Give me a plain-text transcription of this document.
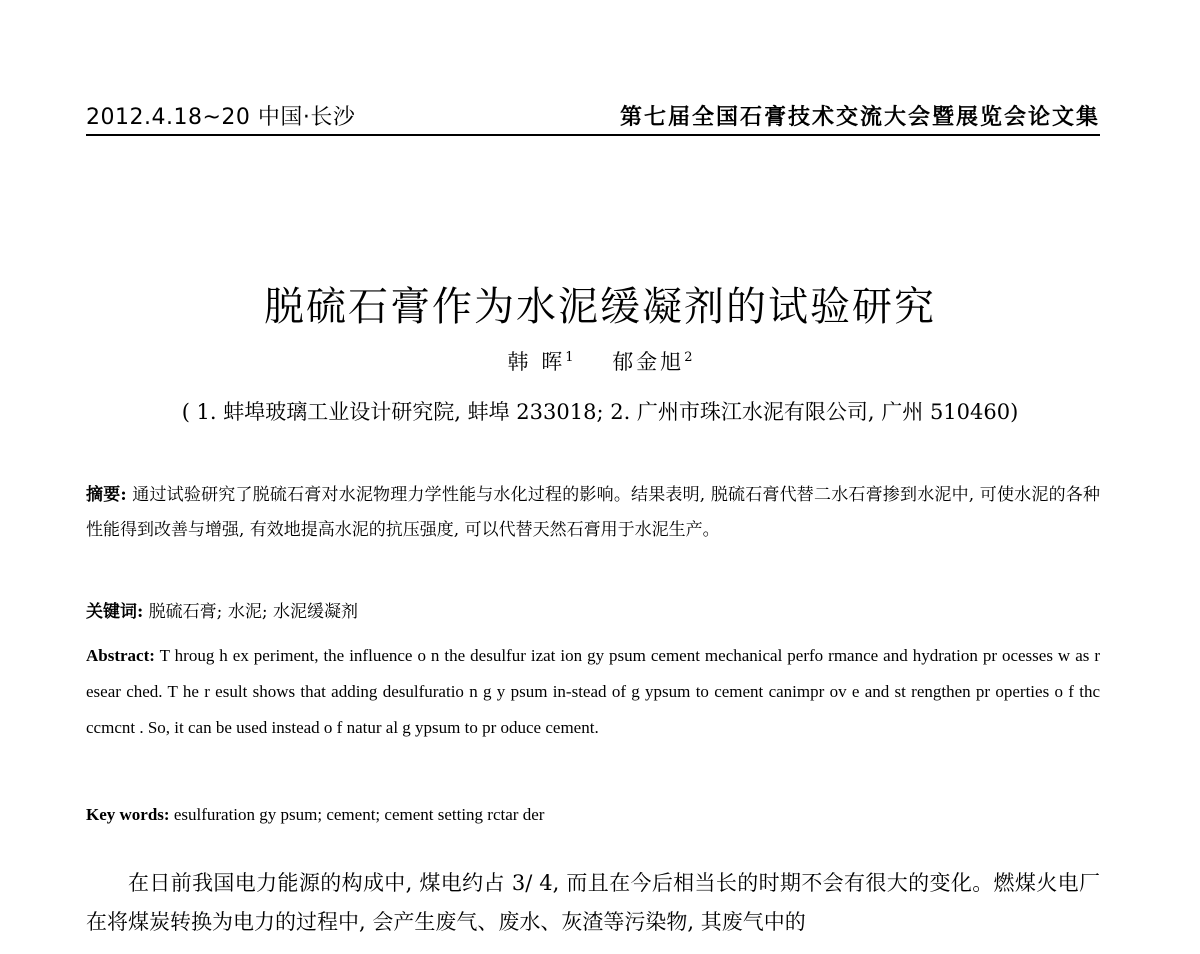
2012.4.18~20 中国·长沙	第七届全国石膏技术交流大会暨展览会论文集
脱硫石膏作为水泥缓凝剂的试验研究
韩 晖$^1$ 郁金旭$^2$
( 1. 蚌埠玻璃工业设计研究院, 蚌埠 233018; 2. 广州市珠江水泥有限公司, 广州 510460)
摘要: 通过试验研究了脱硫石膏对水泥物理力学性能与水化过程的影响。结果表明, 脱硫石膏代替二水石膏掺到水泥中, 可使水泥的各种性能得到改善与增强, 有效地提高水泥的抗压强度, 可以代替天然石膏用于水泥生产。
关键词: 脱硫石膏; 水泥; 水泥缓凝剂
Abstract: T hroug h ex periment, the influence o n the desulfur izat ion gy psum cement mechanical perfo rmance and hydration pr ocesses w as r esear ched. T he r esult shows that adding desulfuratio n g y psum in-stead of g ypsum to cement canimpr ov e and st rengthen pr operties o f thc ccmcnt . So, it can be used instead o f natur al g ypsum to pr oduce cement.
Key words: esulfuration gy psum; cement; cement setting rctar der
在日前我国电力能源的构成中, 煤电约占 3/ 4, 而且在今后相当长的时期不会有很大的变化。燃煤火电厂在将煤炭转换为电力的过程中, 会产生废气、废水、灰渣等污染物, 其废气中的
